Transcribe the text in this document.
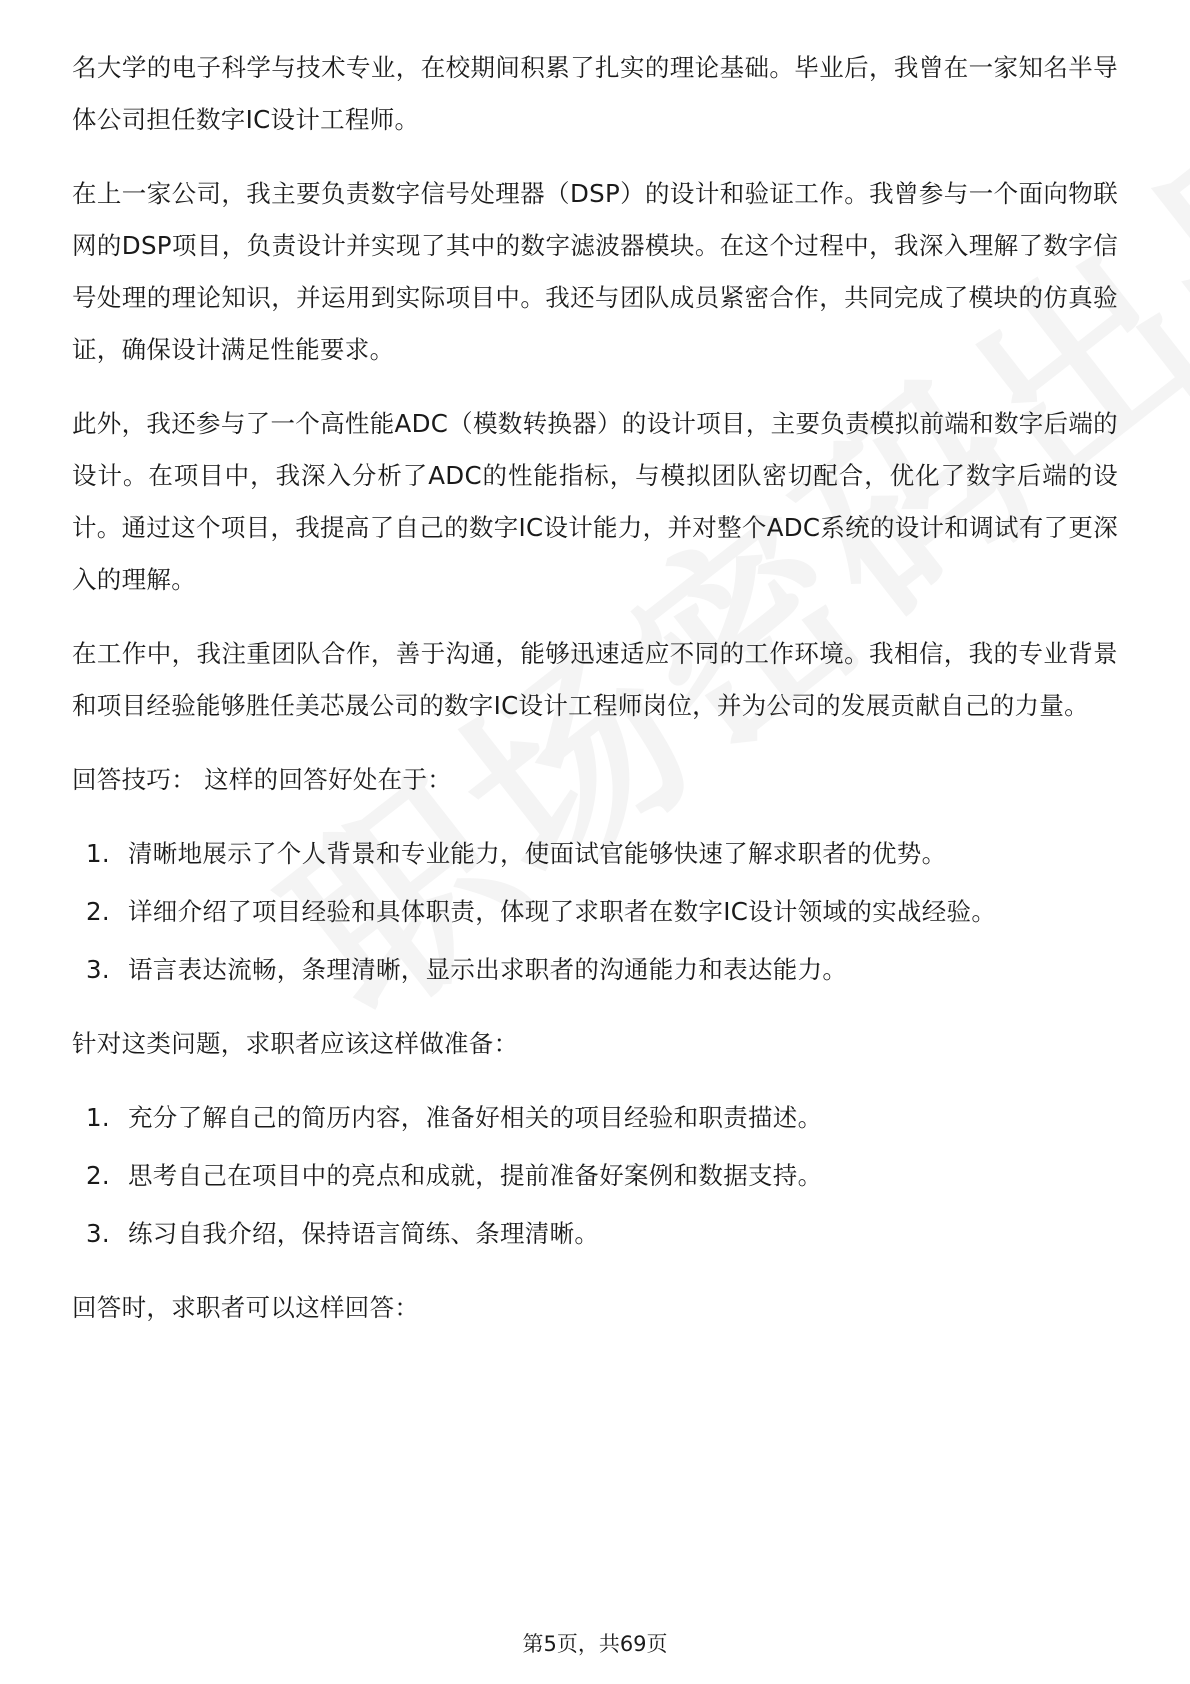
名大学的电子科学与技术专业，在校期间积累了扎实的理论基础。毕业后，我曾在一家知名半导体公司担任数字IC设计工程师。

在上一家公司，我主要负责数字信号处理器（DSP）的设计和验证工作。我曾参与一个面向物联网的DSP项目，负责设计并实现了其中的数字滤波器模块。在这个过程中，我深入理解了数字信号处理的理论知识，并运用到实际项目中。我还与团队成员紧密合作，共同完成了模块的仿真验证，确保设计满足性能要求。

此外，我还参与了一个高性能ADC（模数转换器）的设计项目，主要负责模拟前端和数字后端的设计。在项目中，我深入分析了ADC的性能指标，与模拟团队密切配合，优化了数字后端的设计。通过这个项目，我提高了自己的数字IC设计能力，并对整个ADC系统的设计和调试有了更深入的理解。

在工作中，我注重团队合作，善于沟通，能够迅速适应不同的工作环境。我相信，我的专业背景和项目经验能够胜任美芯晟公司的数字IC设计工程师岗位，并为公司的发展贡献自己的力量。

回答技巧： 这样的回答好处在于：

1. 清晰地展示了个人背景和专业能力，使面试官能够快速了解求职者的优势。
2. 详细介绍了项目经验和具体职责，体现了求职者在数字IC设计领域的实战经验。
3. 语言表达流畅，条理清晰，显示出求职者的沟通能力和表达能力。

针对这类问题，求职者应该这样做准备：

1. 充分了解自己的简历内容，准备好相关的项目经验和职责描述。
2. 思考自己在项目中的亮点和成就，提前准备好案例和数据支持。
3. 练习自我介绍，保持语言简练、条理清晰。

回答时，求职者可以这样回答：

第5页，共69页
